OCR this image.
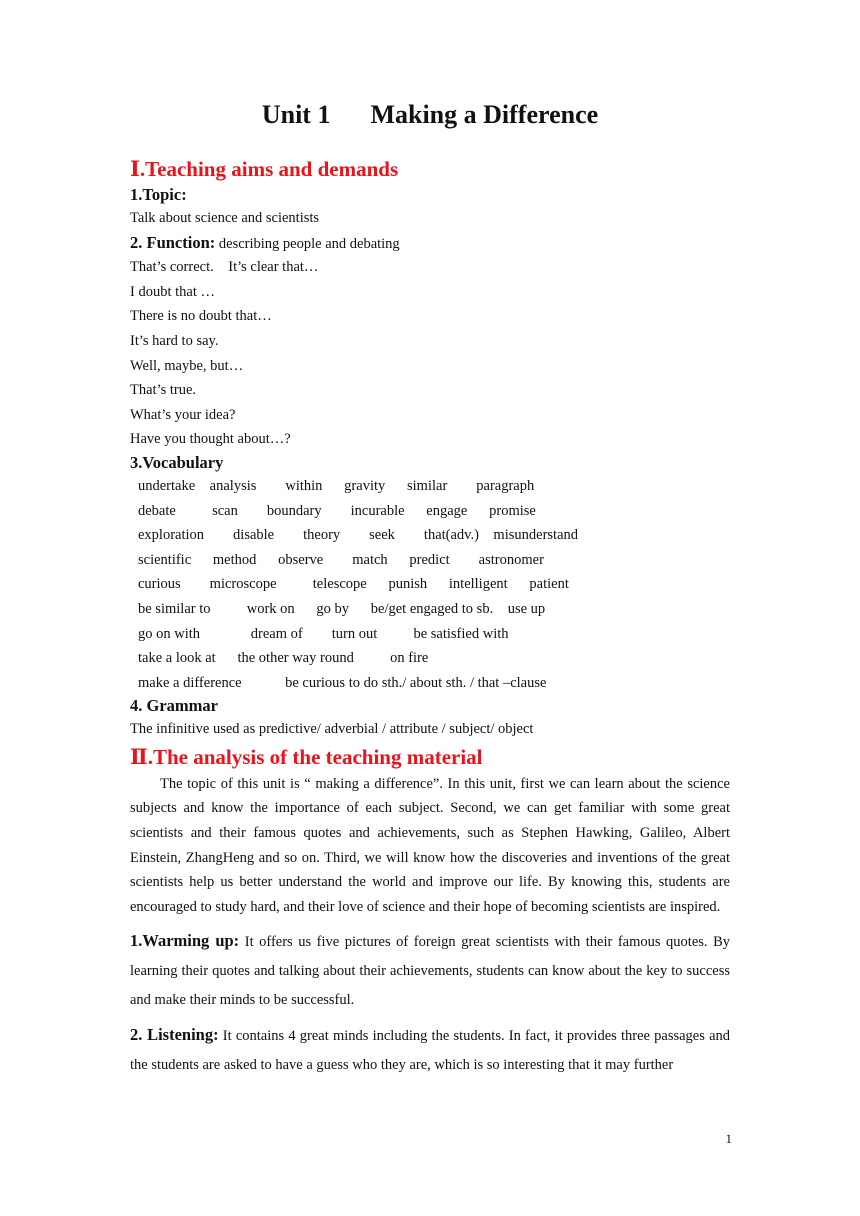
Unit 1 Making a Difference
Ⅰ.Teaching aims and demands
1.Topic:
Talk about science and scientists
2. Function: describing people and debating
That’s correct.    It’s clear that…
I doubt that …
There is no doubt that…
It’s hard to say.
Well, maybe, but…
That’s true.
What’s your idea?
Have you thought about…?
3.Vocabulary
undertake    analysis        within      gravity      similar        paragraph
debate          scan        boundary        incurable      engage      promise
exploration        disable        theory        seek        that(adv.)    misunderstand
scientific      method      observe        match      predict        astronomer
curious        microscope          telescope      punish      intelligent      patient
be similar to          work on      go by      be/get engaged to sb.    use up
go on with              dream of        turn out          be satisfied with
take a look at      the other way round          on fire
make a difference            be curious to do sth./ about sth. / that –clause
4. Grammar
The infinitive used as predictive/ adverbial / attribute / subject/ object
Ⅱ.The analysis of the teaching material
The topic of this unit is “ making a difference”. In this unit, first we can learn about the science subjects and know the importance of each subject. Second, we can get familiar with some great scientists and their famous quotes and achievements, such as Stephen Hawking, Galileo, Albert Einstein, ZhangHeng and so on. Third, we will know how the discoveries and inventions of the great scientists help us better understand the world and improve our life. By knowing this, students are encouraged to study hard, and their love of science and their hope of becoming scientists are inspired.
1.Warming up: It offers us five pictures of foreign great scientists with their famous quotes. By learning their quotes and talking about their achievements, students can know about the key to success and make their minds to be successful.
2. Listening: It contains 4 great minds including the students. In fact, it provides three passages and the students are asked to have a guess who they are, which is so interesting that it may further
1
